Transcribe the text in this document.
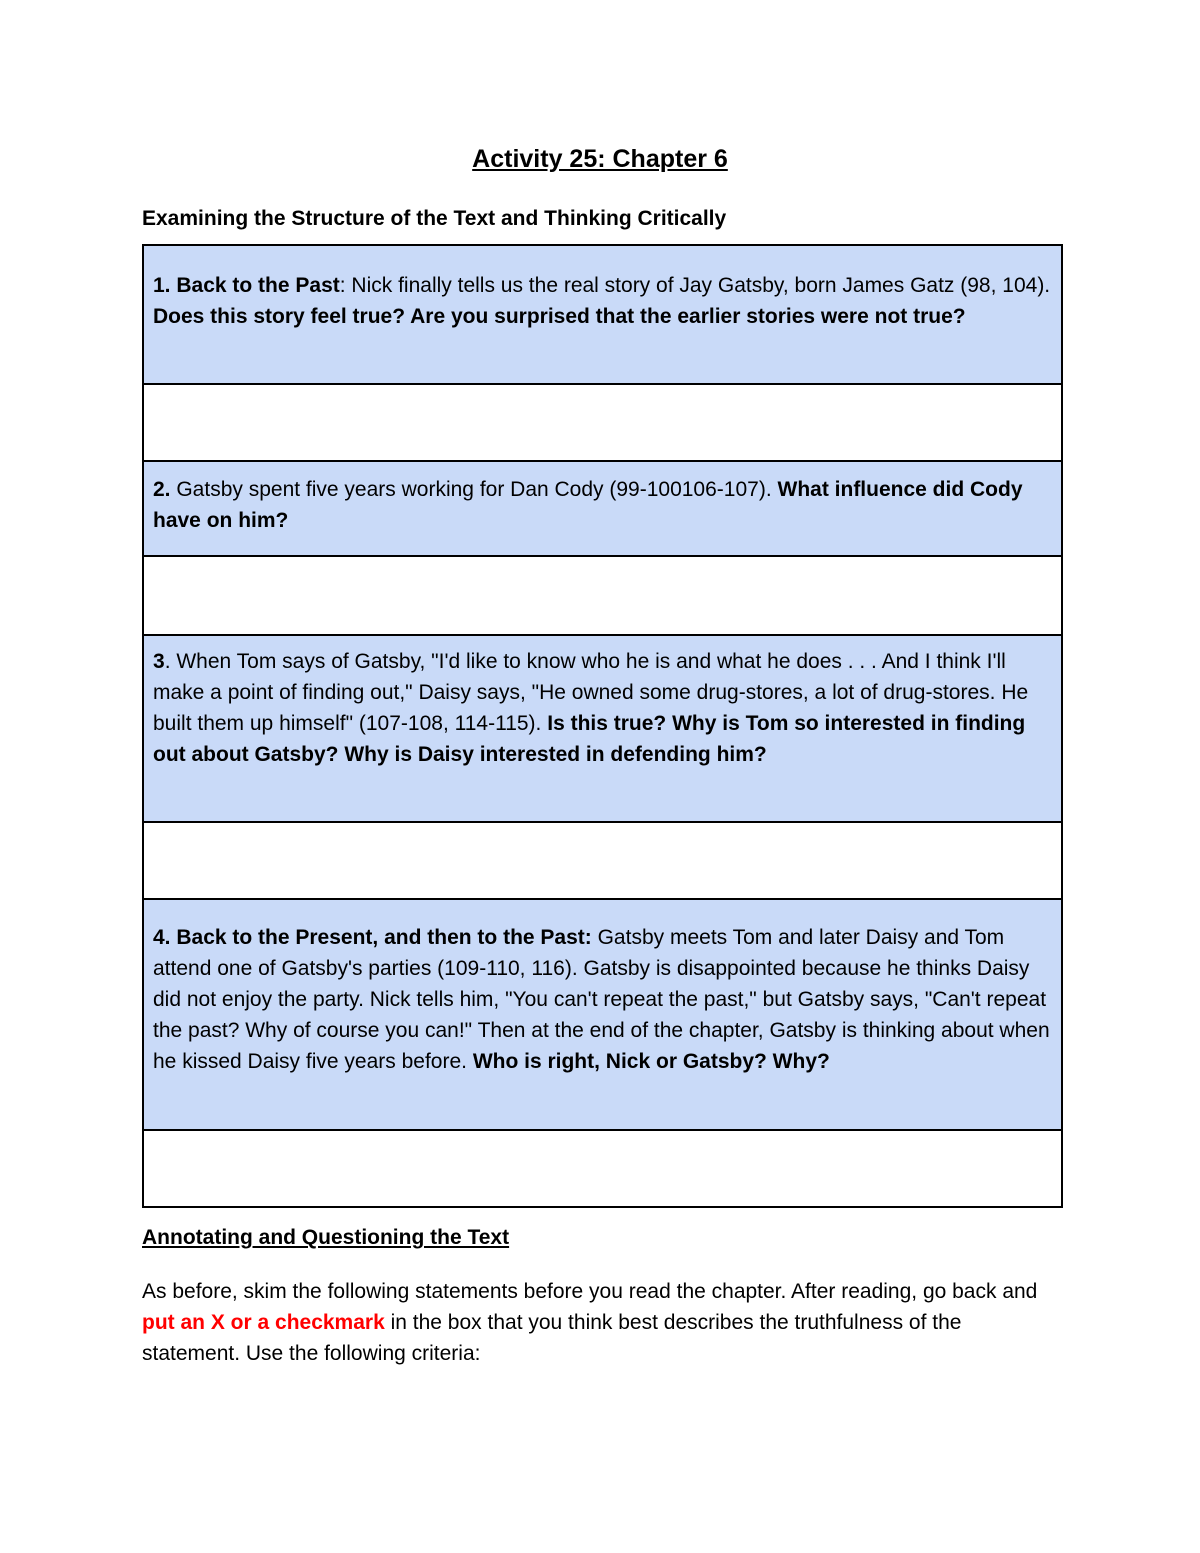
Activity 25: Chapter 6
Examining the Structure of the Text and Thinking Critically
1. Back to the Past: Nick finally tells us the real story of Jay Gatsby, born James Gatz (98, 104). Does this story feel true? Are you surprised that the earlier stories were not true?

2. Gatsby spent five years working for Dan Cody (99-100106-107). What influence did Cody have on him?

3. When Tom says of Gatsby, "I'd like to know who he is and what he does . . . And I think I'll make a point of finding out," Daisy says, "He owned some drug-stores, a lot of drug-stores. He built them up himself" (107-108, 114-115). Is this true? Why is Tom so interested in finding out about Gatsby? Why is Daisy interested in defending him?

4. Back to the Present, and then to the Past: Gatsby meets Tom and later Daisy and Tom attend one of Gatsby's parties (109-110, 116). Gatsby is disappointed because he thinks Daisy did not enjoy the party. Nick tells him, "You can't repeat the past," but Gatsby says, "Can't repeat the past? Why of course you can!" Then at the end of the chapter, Gatsby is thinking about when he kissed Daisy five years before. Who is right, Nick or Gatsby? Why?

Annotating and Questioning the Text
As before, skim the following statements before you read the chapter. After reading, go back and put an X or a checkmark in the box that you think best describes the truthfulness of the statement. Use the following criteria:
